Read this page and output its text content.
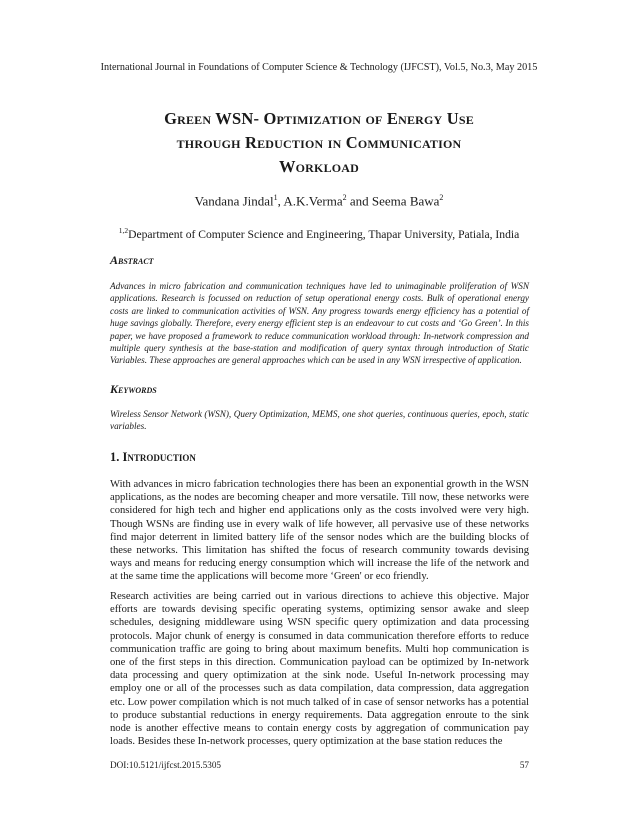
International Journal in Foundations of Computer Science & Technology (IJFCST), Vol.5, No.3, May 2015
Green WSN- Optimization of Energy Use
through Reduction in Communication
Workload
Vandana Jindal$^1$, A.K.Verma$^2$ and Seema Bawa$^2$
$^{1,2}$Department of Computer Science and Engineering, Thapar University, Patiala, India
Abstract
Advances in micro fabrication and communication techniques have led to unimaginable proliferation of WSN applications. Research is focussed on reduction of setup operational energy costs. Bulk of operational energy costs are linked to communication activities of WSN. Any progress towards energy efficiency has a potential of huge savings globally. Therefore, every energy efficient step is an endeavour to cut costs and ‘Go Green’. In this paper, we have proposed a framework to reduce communication workload through: In-network compression and multiple query synthesis at the base-station and modification of query syntax through introduction of Static Variables. These approaches are general approaches which can be used in any WSN irrespective of application.
Keywords
Wireless Sensor Network (WSN), Query Optimization, MEMS, one shot queries, continuous queries, epoch, static variables.
1. Introduction
With advances in micro fabrication technologies there has been an exponential growth in the WSN applications, as the nodes are becoming cheaper and more versatile. Till now, these networks were considered for high tech and higher end applications only as the costs involved were very high. Though WSNs are finding use in every walk of life however, all pervasive use of these networks find major deterrent in limited battery life of the sensor nodes which are the building blocks of these networks. This limitation has shifted the focus of research community towards devising ways and means for reducing energy consumption which will increase the life of the network and at the same time the applications will become more ‘Green' or eco friendly.
Research activities are being carried out in various directions to achieve this objective. Major efforts are towards devising specific operating systems, optimizing sensor awake and sleep schedules, designing middleware using WSN specific query optimization and data processing protocols. Major chunk of energy is consumed in data communication therefore efforts to reduce communication traffic are going to bring about maximum benefits. Multi hop communication is one of the first steps in this direction. Communication payload can be optimized by In-network data processing and query optimization at the sink node. Useful In-network processing may employ one or all of the processes such as data compilation, data compression, data aggregation etc. Low power compilation which is not much talked of in case of sensor networks has a potential to produce substantial reductions in energy requirements. Data aggregation enroute to the sink node is another effective means to contain energy costs by aggregation of communication pay loads. Besides these In-network processes, query optimization at the base station reduces the
DOI:10.5121/ijfcst.2015.5305	57
